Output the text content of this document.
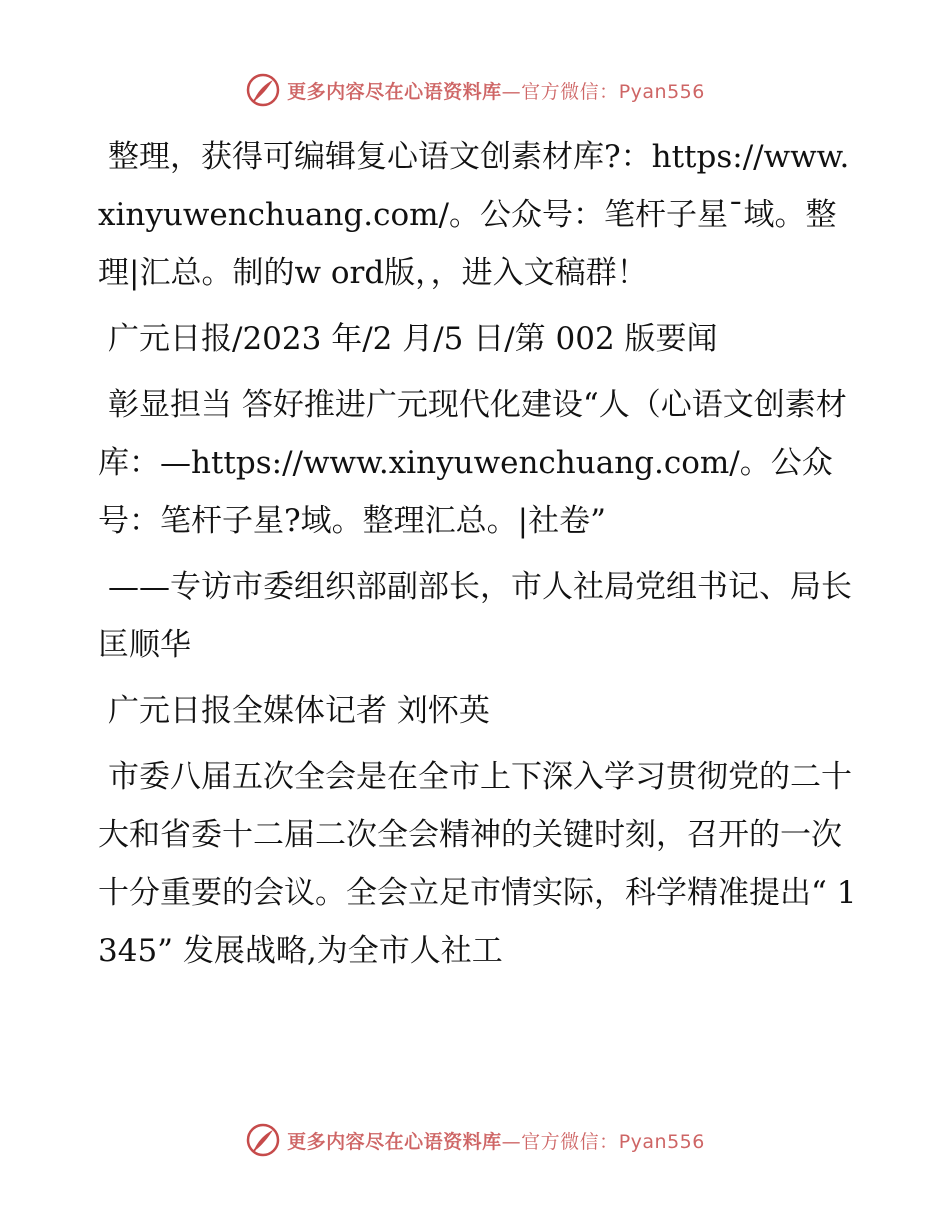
更多内容尽在心语资料库—官方微信：Pyan556

整理，获得可编辑复心语文创素材库?：https://www.xinyuwenchuang.com/。公众号：笔杆子星¯域。整理|汇总。制的w ord版，，进入文稿群！

广元日报/2023 年/2 月/5 日/第 002 版要闻

彰显担当 答好推进广元现代化建设“人（心语文创素材库：—https://www.xinyuwenchuang.com/。公众号：笔杆子星?域。整理汇总。|社卷”

——专访市委组织部副部长，市人社局党组书记、局长匡顺华

广元日报全媒体记者 刘怀英

市委八届五次全会是在全市上下深入学习贯彻党的二十大和省委十二届二次全会精神的关键时刻，召开的一次十分重要的会议。全会立足市情实际，科学精准提出“ 1345” 发展战略,为全市人社工

更多内容尽在心语资料库—官方微信：Pyan556
